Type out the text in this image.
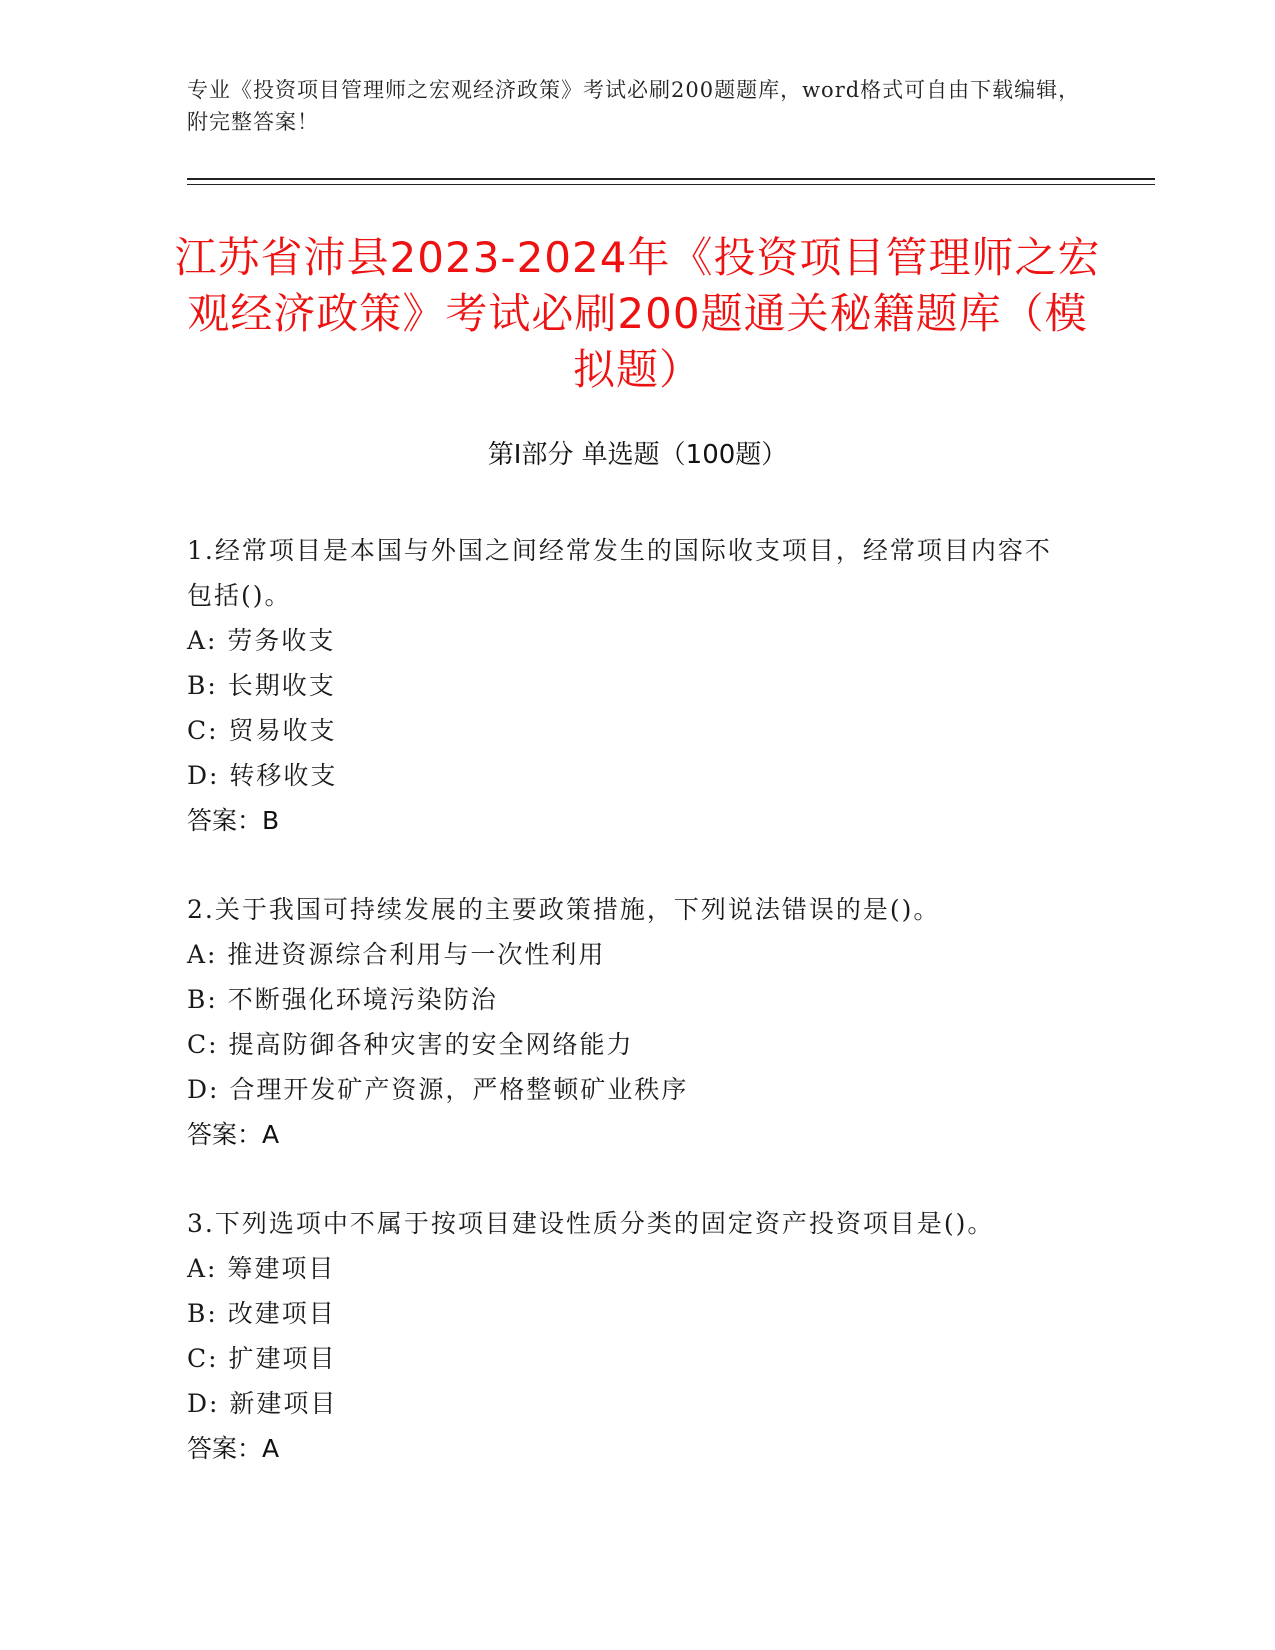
专业《投资项目管理师之宏观经济政策》考试必刷200题题库，word格式可自由下载编辑，附完整答案！
江苏省沛县2023-2024年《投资项目管理师之宏观经济政策》考试必刷200题通关秘籍题库（模拟题）
第I部分 单选题（100题）
1.经常项目是本国与外国之间经常发生的国际收支项目，经常项目内容不包括()。
A: 劳务收支
B: 长期收支
C: 贸易收支
D: 转移收支
答案：B
2.关于我国可持续发展的主要政策措施，下列说法错误的是()。
A: 推进资源综合利用与一次性利用
B: 不断强化环境污染防治
C: 提高防御各种灾害的安全网络能力
D: 合理开发矿产资源，严格整顿矿业秩序
答案：A
3.下列选项中不属于按项目建设性质分类的固定资产投资项目是()。
A: 筹建项目
B: 改建项目
C: 扩建项目
D: 新建项目
答案：A
